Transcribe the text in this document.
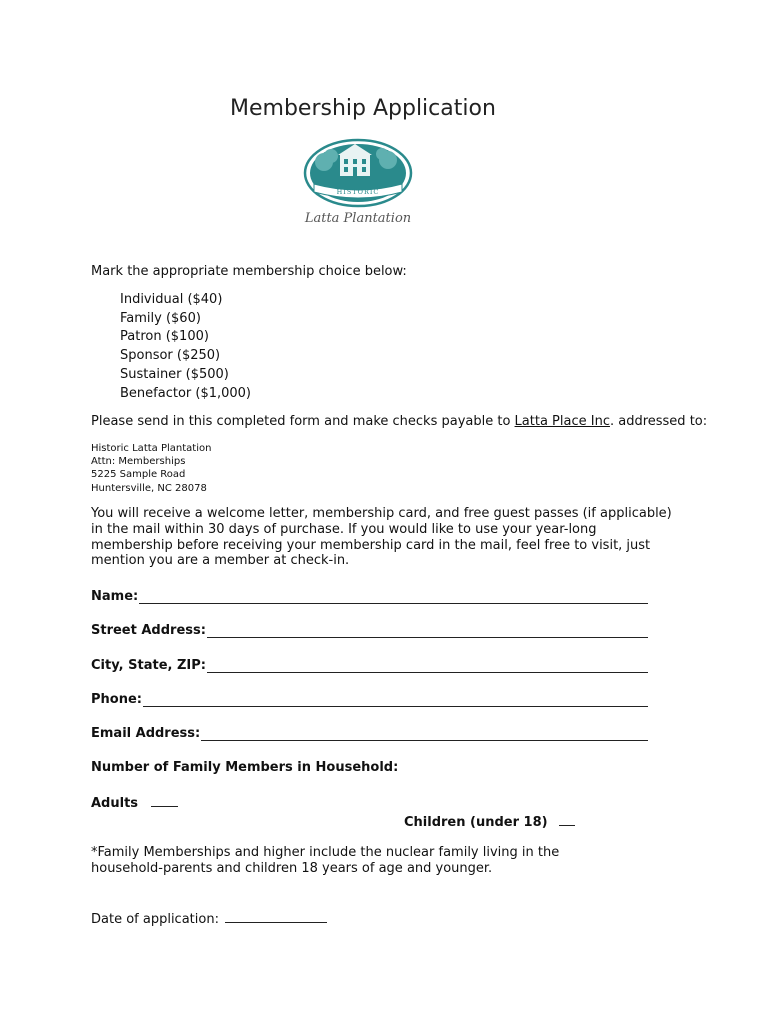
Membership Application
HISTORIC
Latta Plantation
Mark the appropriate membership choice below:
Individual ($40)
Family ($60)
Patron ($100)
Sponsor ($250)
Sustainer ($500)
Benefactor ($1,000)
Please send in this completed form and make checks payable to Latta Place Inc. addressed to:
Historic Latta Plantation
Attn: Memberships
5225 Sample Road
Huntersville, NC 28078
You will receive a welcome letter, membership card, and free guest passes (if applicable) in the mail within 30 days of purchase. If you would like to use your year-long membership before receiving your membership card in the mail, feel free to visit, just mention you are a member at check-in.
Name:
Street Address:
City, State, ZIP:
Phone:
Email Address:
Number of Family Members in Household:
Adults
Children (under 18)
*Family Memberships and higher include the nuclear family living in the household-parents and children 18 years of age and younger.
Date of application:
